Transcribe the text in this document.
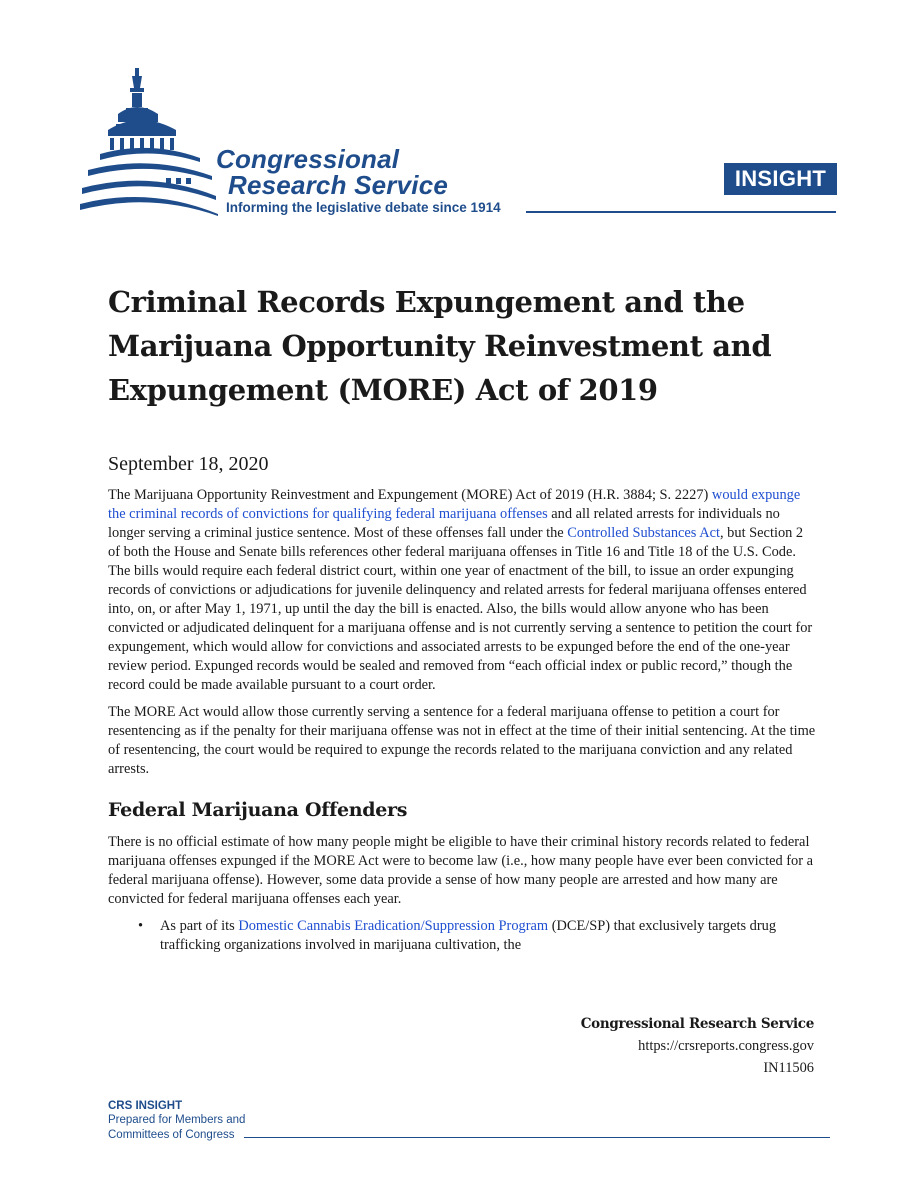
Congressional
Research Service
Informing the legislative debate since 1914
INSIGHT
Criminal Records Expungement and the
Marijuana Opportunity Reinvestment and
Expungement (MORE) Act of 2019
September 18, 2020

The Marijuana Opportunity Reinvestment and Expungement (MORE) Act of 2019 (H.R. 3884; S. 2227) would expunge the criminal records of convictions for qualifying federal marijuana offenses and all related arrests for individuals no longer serving a criminal justice sentence. Most of these offenses fall under the Controlled Substances Act, but Section 2 of both the House and Senate bills references other federal marijuana offenses in Title 16 and Title 18 of the U.S. Code. The bills would require each federal district court, within one year of enactment of the bill, to issue an order expunging records of convictions or adjudications for juvenile delinquency and related arrests for federal marijuana offenses entered into, on, or after May 1, 1971, up until the day the bill is enacted. Also, the bills would allow anyone who has been convicted or adjudicated delinquent for a marijuana offense and is not currently serving a sentence to petition the court for expungement, which would allow for convictions and associated arrests to be expunged before the end of the one-year review period. Expunged records would be sealed and removed from “each official index or public record,” though the record could be made available pursuant to a court order.

The MORE Act would allow those currently serving a sentence for a federal marijuana offense to petition a court for resentencing as if the penalty for their marijuana offense was not in effect at the time of their initial sentencing. At the time of resentencing, the court would be required to expunge the records related to the marijuana conviction and any related arrests.

Federal Marijuana Offenders

There is no official estimate of how many people might be eligible to have their criminal history records related to federal marijuana offenses expunged if the MORE Act were to become law (i.e., how many people have ever been convicted for a federal marijuana offense). However, some data provide a sense of how many people are arrested and how many are convicted for federal marijuana offenses each year.

• As part of its Domestic Cannabis Eradication/Suppression Program (DCE/SP) that exclusively targets drug trafficking organizations involved in marijuana cultivation, the
Congressional Research Service
https://crsreports.congress.gov
IN11506
CRS INSIGHT
Prepared for Members and
Committees of Congress
